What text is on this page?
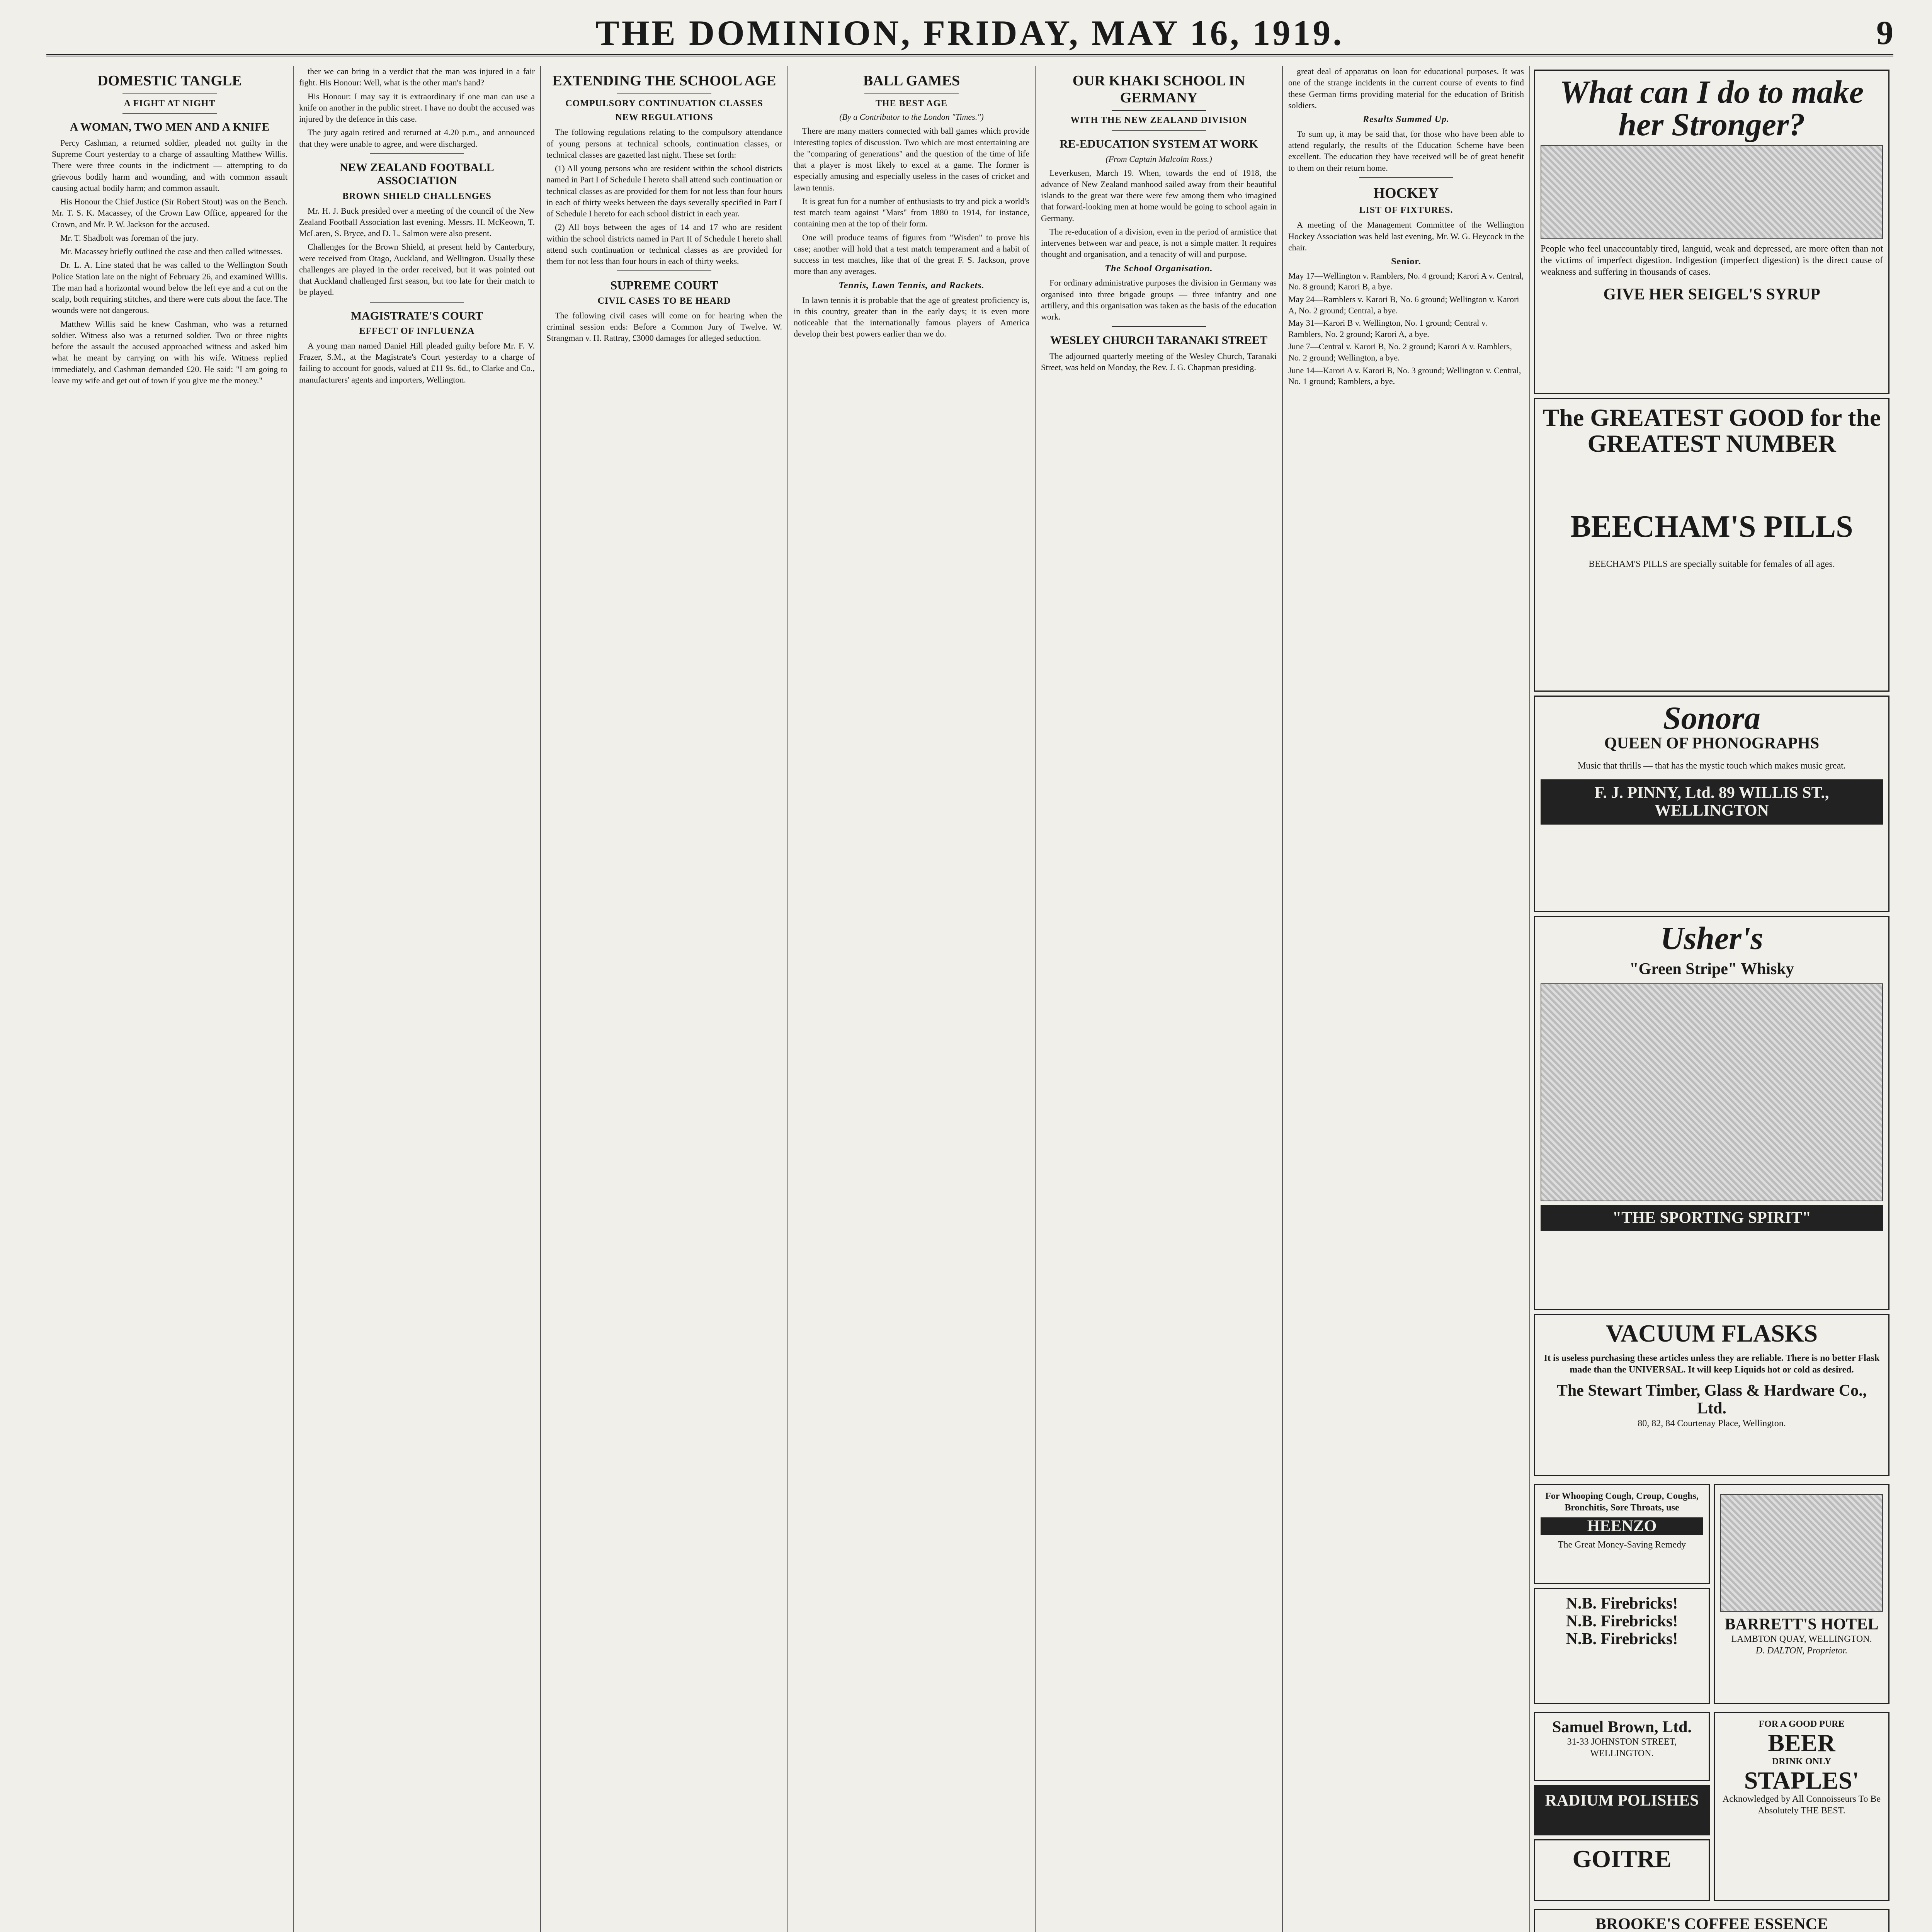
THE DOMINION, FRIDAY, MAY 16, 1919.	9
DOMESTIC TANGLE
A FIGHT AT NIGHT
A WOMAN, TWO MEN AND A KNIFE

Percy Cashman, a returned soldier, pleaded not guilty in the Supreme Court yesterday to a charge of assaulting Matthew Willis. There were three counts in the indictment — attempting to do grievous bodily harm and wounding, and with common assault causing actual bodily harm; and common assault.

His Honour the Chief Justice (Sir Robert Stout) was on the Bench. Mr. T. S. K. Macassey, of the Crown Law Office, appeared for the Crown, and Mr. P. W. Jackson for the accused.

Mr. T. Shadbolt was foreman of the jury.

Mr. Macassey briefly outlined the case and then called witnesses.

Dr. L. A. Line stated that he was called to the Wellington South Police Station late on the night of February 26, and examined Willis. The man had a horizontal wound below the left eye and a cut on the scalp, both requiring stitches, and there were cuts about the face. The wounds were not dangerous.

Matthew Willis said he knew Cashman, who was a returned soldier. Witness also was a returned soldier. Two or three nights before the assault the accused approached witness and asked him what he meant by carrying on with his wife. Witness replied immediately, and Cashman demanded £20. He said: "I am going to leave my wife and get out of town if you give me the money."

ther we can bring in a verdict that the man was injured in a fair fight. His Honour: Well, what is the other man's hand?

His Honour: I may say it is extraordinary if one man can use a knife on another in the public street. I have no doubt the accused was injured by the defence in this case.

The jury again retired and returned at 4.20 p.m., and announced that they were unable to agree, and were discharged.

NEW ZEALAND FOOTBALL ASSOCIATION
BROWN SHIELD CHALLENGES

Mr. H. J. Buck presided over a meeting of the council of the New Zealand Football Association last evening. Messrs. H. McKeown, T. McLaren, S. Bryce, and D. L. Salmon were also present.

Challenges for the Brown Shield, at present held by Canterbury, were received from Otago, Auckland, and Wellington. Usually these challenges are played in the order received, but it was pointed out that Auckland challenged first season, but too late for their match to be played.

MAGISTRATE'S COURT
EFFECT OF INFLUENZA

A young man named Daniel Hill pleaded guilty before Mr. F. V. Frazer, S.M., at the Magistrate's Court yesterday to a charge of failing to account for goods, valued at £11 9s. 6d., to Clarke and Co., manufacturers' agents and importers, Wellington.

EXTENDING THE SCHOOL AGE
COMPULSORY CONTINUATION CLASSES
NEW REGULATIONS

The following regulations relating to the compulsory attendance of young persons at technical schools, continuation classes, or technical classes are gazetted last night. These set forth:

(1) All young persons who are resident within the school districts named in Part I of Schedule I hereto shall attend such continuation or technical classes as are provided for them for not less than four hours in each of thirty weeks between the days severally specified in Part I of Schedule I hereto for each school district in each year.

(2) All boys between the ages of 14 and 17 who are resident within the school districts named in Part II of Schedule I hereto shall attend such continuation or technical classes as are provided for them for not less than four hours in each of thirty weeks.

SUPREME COURT
CIVIL CASES TO BE HEARD

The following civil cases will come on for hearing when the criminal session ends: Before a Common Jury of Twelve. W. Strangman v. H. Rattray, £3000 damages for alleged seduction.

BALL GAMES
THE BEST AGE
(By a Contributor to the London "Times.")

There are many matters connected with ball games which provide interesting topics of discussion. Two which are most entertaining are the "comparing of generations" and the question of the time of life that a player is most likely to excel at a game. The former is especially amusing and especially useless in the cases of cricket and lawn tennis.

It is great fun for a number of enthusiasts to try and pick a world's test match team against "Mars" from 1880 to 1914, for instance, containing men at the top of their form.

One will produce teams of figures from "Wisden" to prove his case; another will hold that a test match temperament and a habit of success in test matches, like that of the great F. S. Jackson, prove more than any averages.

Tennis, Lawn Tennis, and Rackets.

In lawn tennis it is probable that the age of greatest proficiency is, in this country, greater than in the early days; it is even more noticeable that the internationally famous players of America develop their best powers earlier than we do.

OUR KHAKI SCHOOL IN GERMANY
WITH THE NEW ZEALAND DIVISION
RE-EDUCATION SYSTEM AT WORK
(From Captain Malcolm Ross.)

Leverkusen, March 19. When, towards the end of 1918, the advance of New Zealand manhood sailed away from their beautiful islands to the great war there were few among them who imagined that forward-looking men at home would be going to school again in Germany.

The re-education of a division, even in the period of armistice that intervenes between war and peace, is not a simple matter. It requires thought and organisation, and a tenacity of will and purpose.

The School Organisation.

For ordinary administrative purposes the division in Germany was organised into three brigade groups — three infantry and one artillery, and this organisation was taken as the basis of the education work.

WESLEY CHURCH TARANAKI STREET

The adjourned quarterly meeting of the Wesley Church, Taranaki Street, was held on Monday, the Rev. J. G. Chapman presiding.

great deal of apparatus on loan for educational purposes. It was one of the strange incidents in the current course of events to find these German firms providing material for the education of British soldiers.

Results Summed Up.

To sum up, it may be said that, for those who have been able to attend regularly, the results of the Education Scheme have been excellent. The education they have received will be of great benefit to them on their return home.

HOCKEY
LIST OF FIXTURES.

A meeting of the Management Committee of the Wellington Hockey Association was held last evening, Mr. W. G. Heycock in the chair.

Senior.
May 17—Wellington v. Ramblers, No. 4 ground; Karori A v. Central, No. 8 ground; Karori B, a bye.
May 24—Ramblers v. Karori B, No. 6 ground; Wellington v. Karori A, No. 2 ground; Central, a bye.
May 31—Karori B v. Wellington, No. 1 ground; Central v. Ramblers, No. 2 ground; Karori A, a bye.
June 7—Central v. Karori B, No. 2 ground; Karori A v. Ramblers, No. 2 ground; Wellington, a bye.
June 14—Karori A v. Karori B, No. 3 ground; Wellington v. Central, No. 1 ground; Ramblers, a bye.
What can I do to make her Stronger?
People who feel unaccountably tired, languid, weak and depressed, are more often than not the victims of imperfect digestion. Indigestion (imperfect digestion) is the direct cause of weakness and suffering in thousands of cases.
GIVE HER SEIGEL'S SYRUP
The GREATEST GOOD for the GREATEST NUMBER
BEECHAM'S PILLS
BEECHAM'S PILLS are specially suitable for females of all ages.
Sonora
QUEEN OF PHONOGRAPHS
Music that thrills — that has the mystic touch which makes music great.
F. J. PINNY, Ltd. 89 WILLIS ST., WELLINGTON
Usher's
"Green Stripe" Whisky
"THE SPORTING SPIRIT"
VACUUM FLASKS
It is useless purchasing these articles unless they are reliable. There is no better Flask made than the UNIVERSAL. It will keep Liquids hot or cold as desired.
The Stewart Timber, Glass & Hardware Co., Ltd.
80, 82, 84 Courtenay Place, Wellington.
For Whooping Cough, Croup, Coughs, Bronchitis, Sore Throats, use
HEENZO
The Great Money-Saving Remedy
N.B. Firebricks!
N.B. Firebricks!
N.B. Firebricks!
BARRETT'S HOTEL
LAMBTON QUAY, WELLINGTON.
D. DALTON, Proprietor.
Samuel Brown, Ltd.
31-33 JOHNSTON STREET, WELLINGTON.
RADIUM POLISHES
GOITRE
FOR A GOOD PURE
BEER
DRINK ONLY
STAPLES'
Acknowledged by All Connoisseurs To Be Absolutely THE BEST.
BROOKE'S COFFEE ESSENCE
